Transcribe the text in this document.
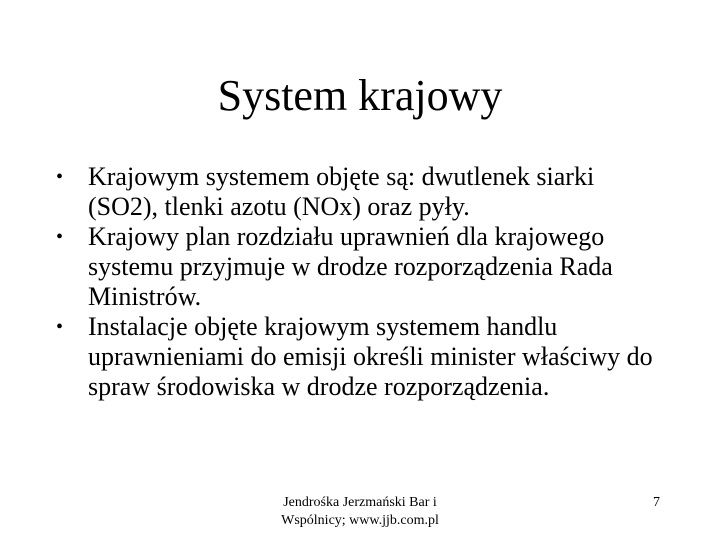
System krajowy
• Krajowym systemem objęte są: dwutlenek siarki (SO2), tlenki azotu (NOx) oraz pyły.
• Krajowy plan rozdziału uprawnień dla krajowego systemu przyjmuje w drodze rozporządzenia Rada Ministrów.
• Instalacje objęte krajowym systemem handlu uprawnieniami do emisji określi minister właściwy do spraw środowiska w drodze rozporządzenia.
Jendrośka Jerzmański Bar i
Wspólnicy; www.jjb.com.pl
7
